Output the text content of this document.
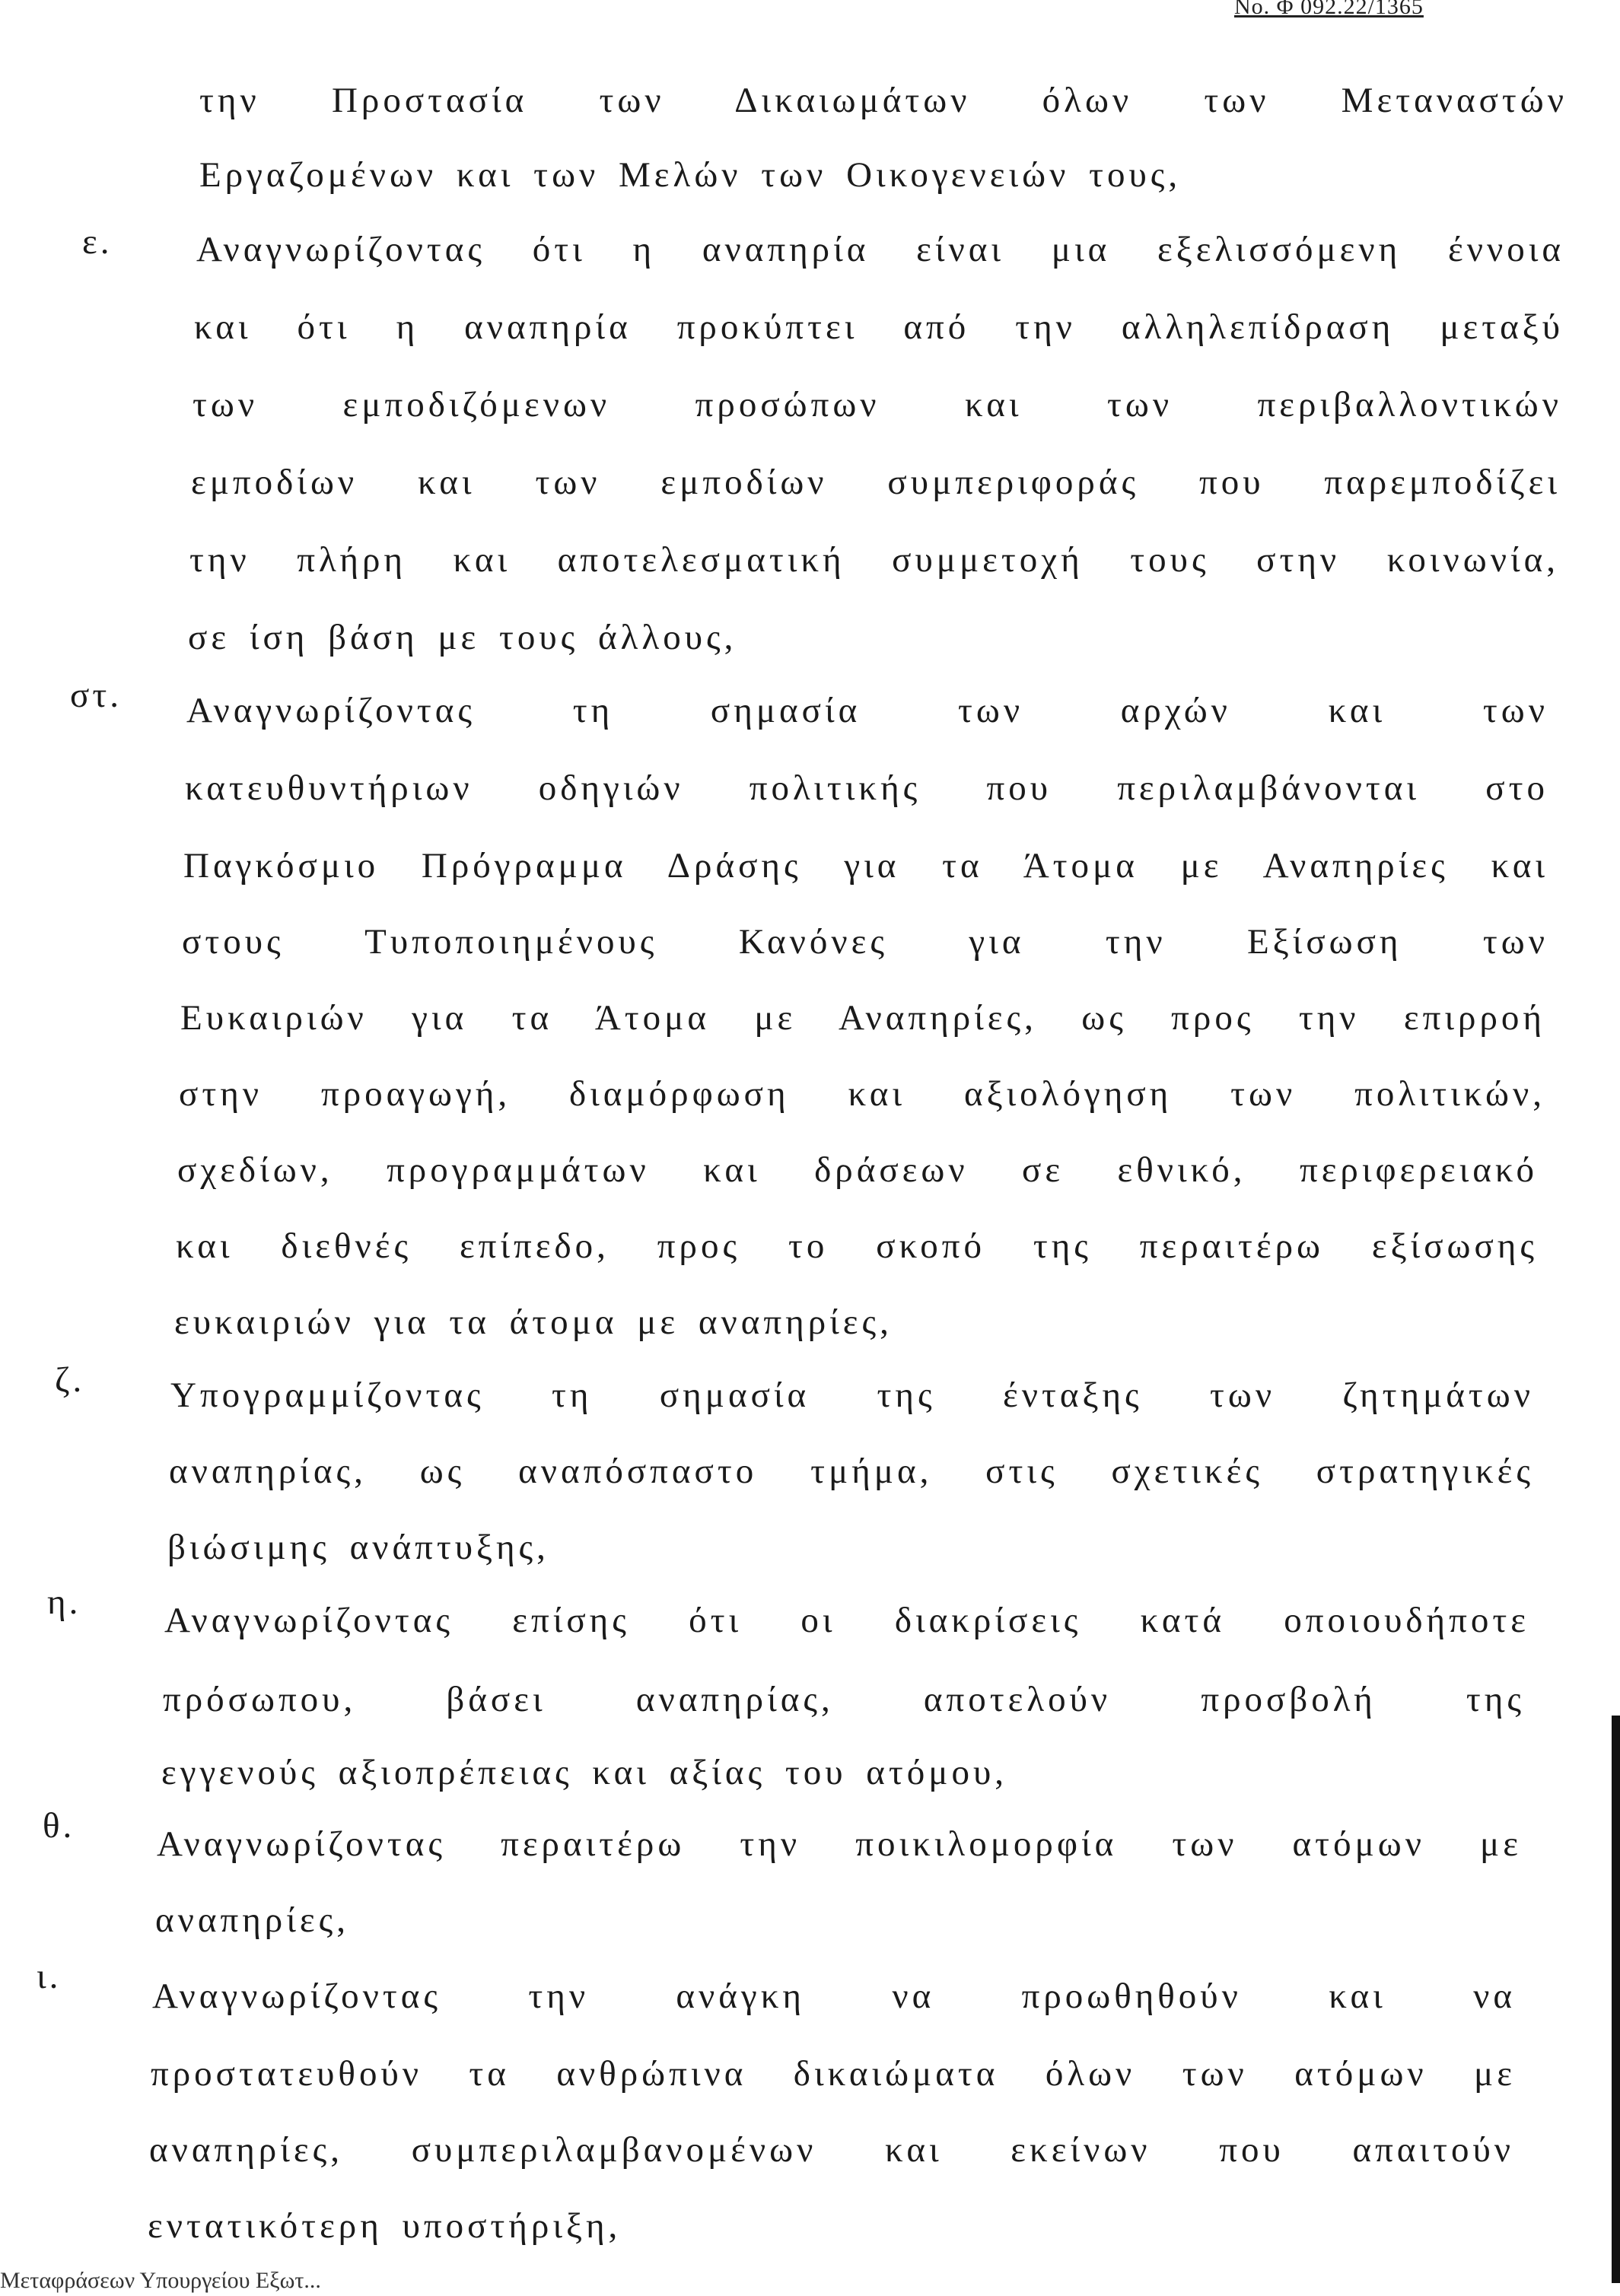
No. Φ 092.22/1365
την Προστασία των Δικαιωμάτων όλων των Μεταναστών
Εργαζομένων και των Μελών των Οικογενειών τους,
ε. Αναγνωρίζοντας ότι η αναπηρία είναι μια εξελισσόμενη έννοια
και ότι η αναπηρία προκύπτει από την αλληλεπίδραση μεταξύ
των εμποδιζόμενων προσώπων και των περιβαλλοντικών
εμποδίων και των εμποδίων συμπεριφοράς που παρεμποδίζει
την πλήρη και αποτελεσματική συμμετοχή τους στην κοινωνία,
σε ίση βάση με τους άλλους,
στ. Αναγνωρίζοντας τη σημασία των αρχών και των
κατευθυντήριων οδηγιών πολιτικής που περιλαμβάνονται στο
Παγκόσμιο Πρόγραμμα Δράσης για τα Άτομα με Αναπηρίες και
στους Τυποποιημένους Κανόνες για την Εξίσωση των
Ευκαιριών για τα Άτομα με Αναπηρίες, ως προς την επιρροή
στην προαγωγή, διαμόρφωση και αξιολόγηση των πολιτικών,
σχεδίων, προγραμμάτων και δράσεων σε εθνικό, περιφερειακό
και διεθνές επίπεδο, προς το σκοπό της περαιτέρω εξίσωσης
ευκαιριών για τα άτομα με αναπηρίες,
ζ. Υπογραμμίζοντας τη σημασία της ένταξης των ζητημάτων
αναπηρίας, ως αναπόσπαστο τμήμα, στις σχετικές στρατηγικές
βιώσιμης ανάπτυξης,
η. Αναγνωρίζοντας επίσης ότι οι διακρίσεις κατά οποιουδήποτε
πρόσωπου, βάσει αναπηρίας, αποτελούν προσβολή της
εγγενούς αξιοπρέπειας και αξίας του ατόμου,
θ. Αναγνωρίζοντας περαιτέρω την ποικιλομορφία των ατόμων με
αναπηρίες,
ι.	Αναγνωρίζοντας την ανάγκη να προωθηθούν και να
προστατευθούν τα ανθρώπινα δικαιώματα όλων των ατόμων με
αναπηρίες, συμπεριλαμβανομένων και εκείνων που απαιτούν
εντατικότερη υποστήριξη,
Μεταφράσεων Υπουργείου Εξωτ...
